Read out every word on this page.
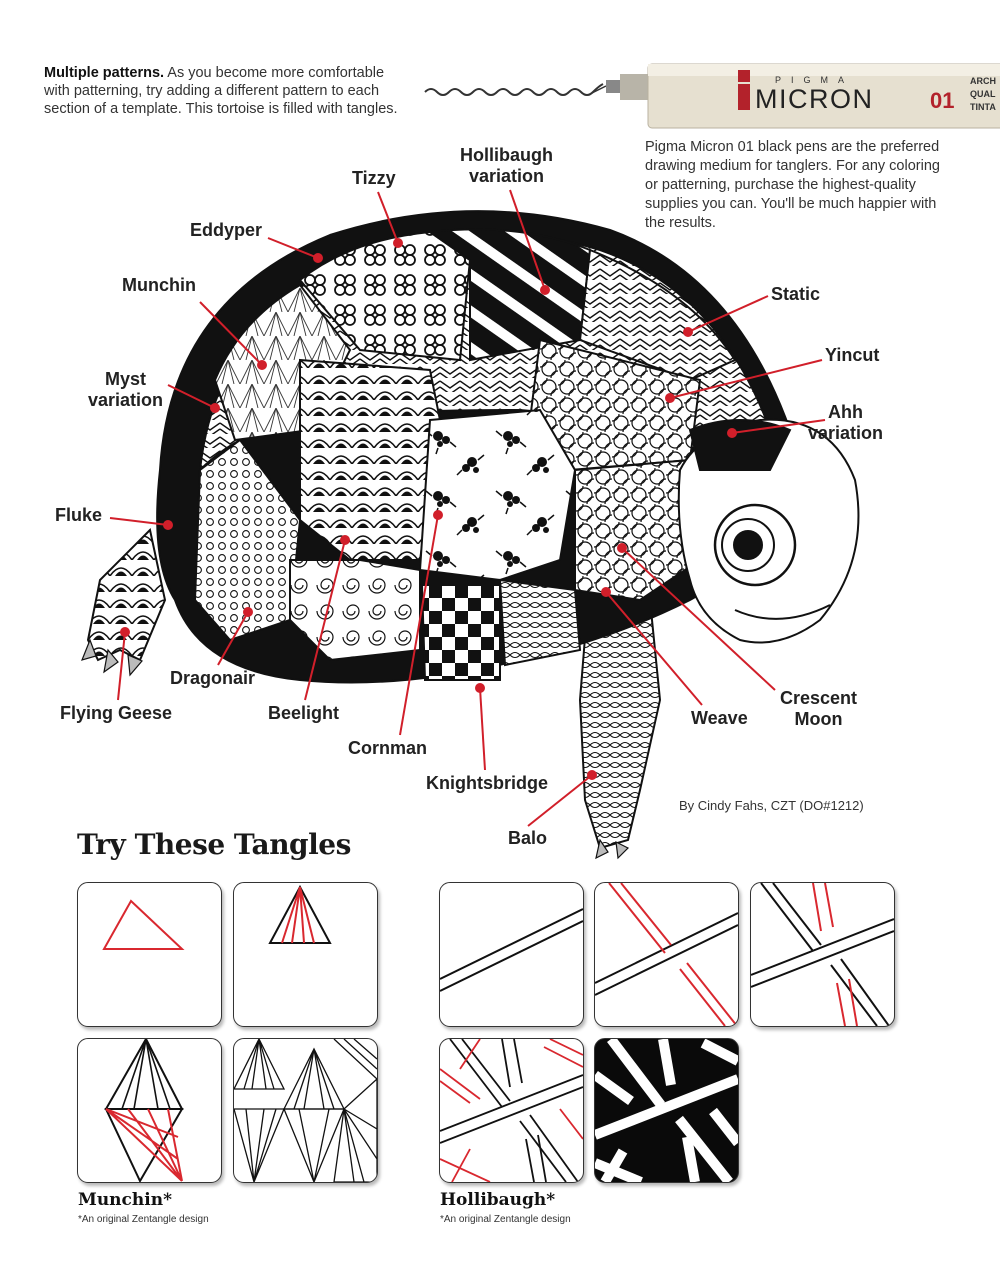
PIGMA
MICRON	01
ARCH
QUAL
TINTA
Multiple patterns. As you become more comfortable with patterning, try adding a different pattern to each section of a template. This tortoise is filled with tangles.
Pigma Micron 01 black pens are the preferred drawing medium for tanglers. For any coloring or patterning, purchase the highest-quality supplies you can. You'll be much happier with the results.
Hollibaugh
variation
Tizzy
Eddyper
Munchin
Myst
variation
Fluke
Flying Geese
Dragonair
Beelight
Cornman
Knightsbridge
Balo
Weave
Crescent
Moon
Ahh
variation
Yincut
Static
By Cindy Fahs, CZT (DO#1212)
Try These Tangles
Munchin*
*An original Zentangle design
Hollibaugh*
*An original Zentangle design
